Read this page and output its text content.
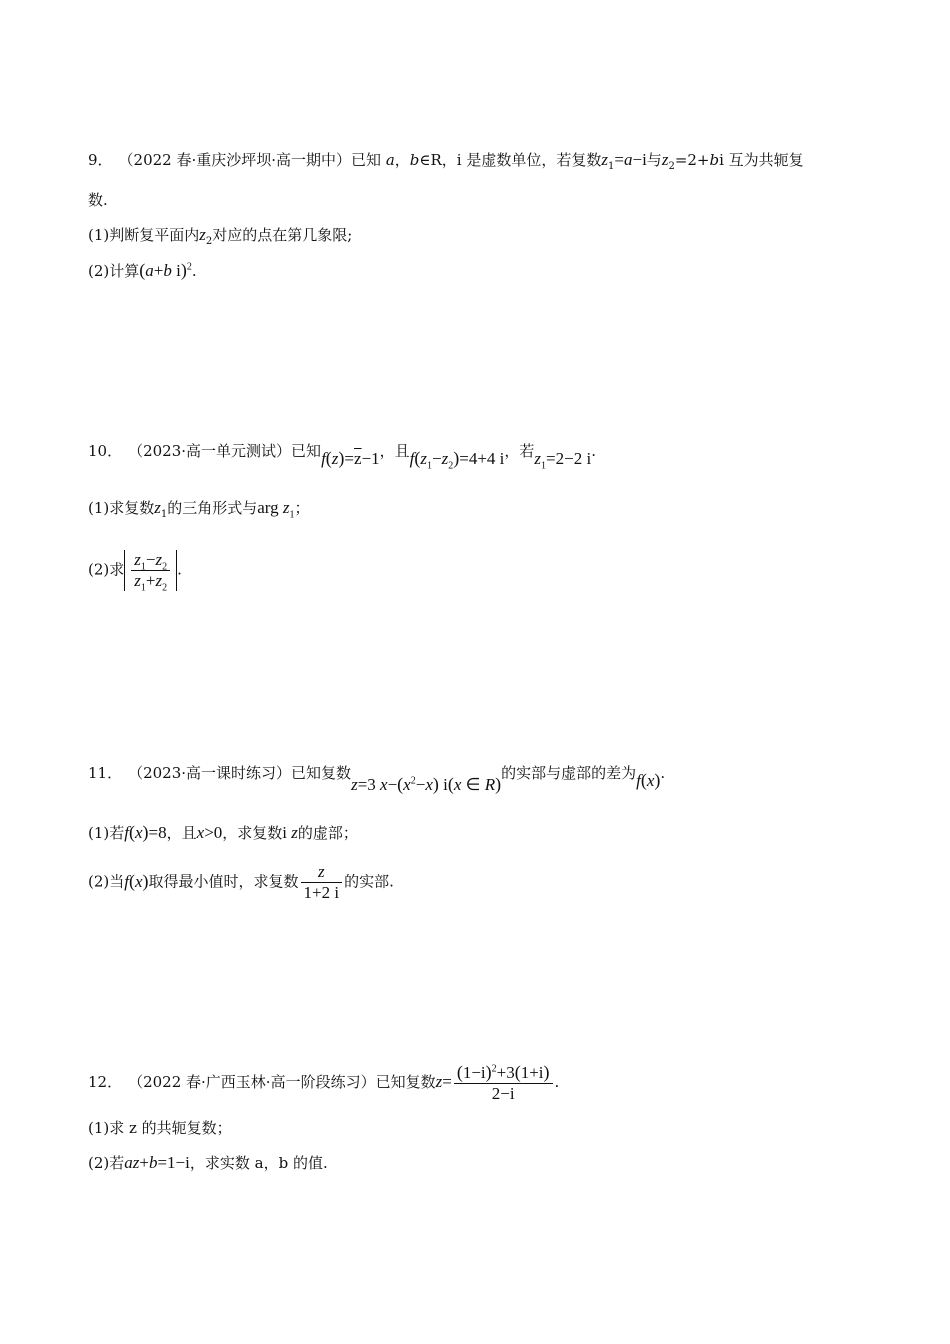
9． （2022 春·重庆沙坪坝·高一期中）已知 a，b∈R，i 是虚数单位，若复数$z_1=a-i$与$z_2=2+bi$ 互为共轭复
数.
(1)判断复平面内$z_2$对应的点在第几象限;
(2)计算(a+b i)$^2$.
10． （2023·高一单元测试）已知$f(z)=\overline{z}-1$，且$f(z_1-z_2)=4+4$ i，若$z_1=2-2$ i.
(1)求复数$z_1$的三角形式与arg $z_1$；
(2)求 $\frac{z_1-z_2}{z_1+z_2}$ .
11． （2023·高一课时练习）已知复数z=3 $x-(x^2-x)$ i(x ∈ R)的实部与虚部的差为f(x).
(1)若f(x)=8，且x>0，求复数i z的虚部；
(2)当f(x)取得最小值时，求复数 $\frac{z}{1+2 i}$ 的实部.
12． （2022 春·广西玉林·高一阶段练习）已知复数$z= \frac{(1-i)^2+3(1+i)}{2-i}$ .
(1)求 z 的共轭复数；
(2)若az+b=1−i，求实数 a，b 的值.
